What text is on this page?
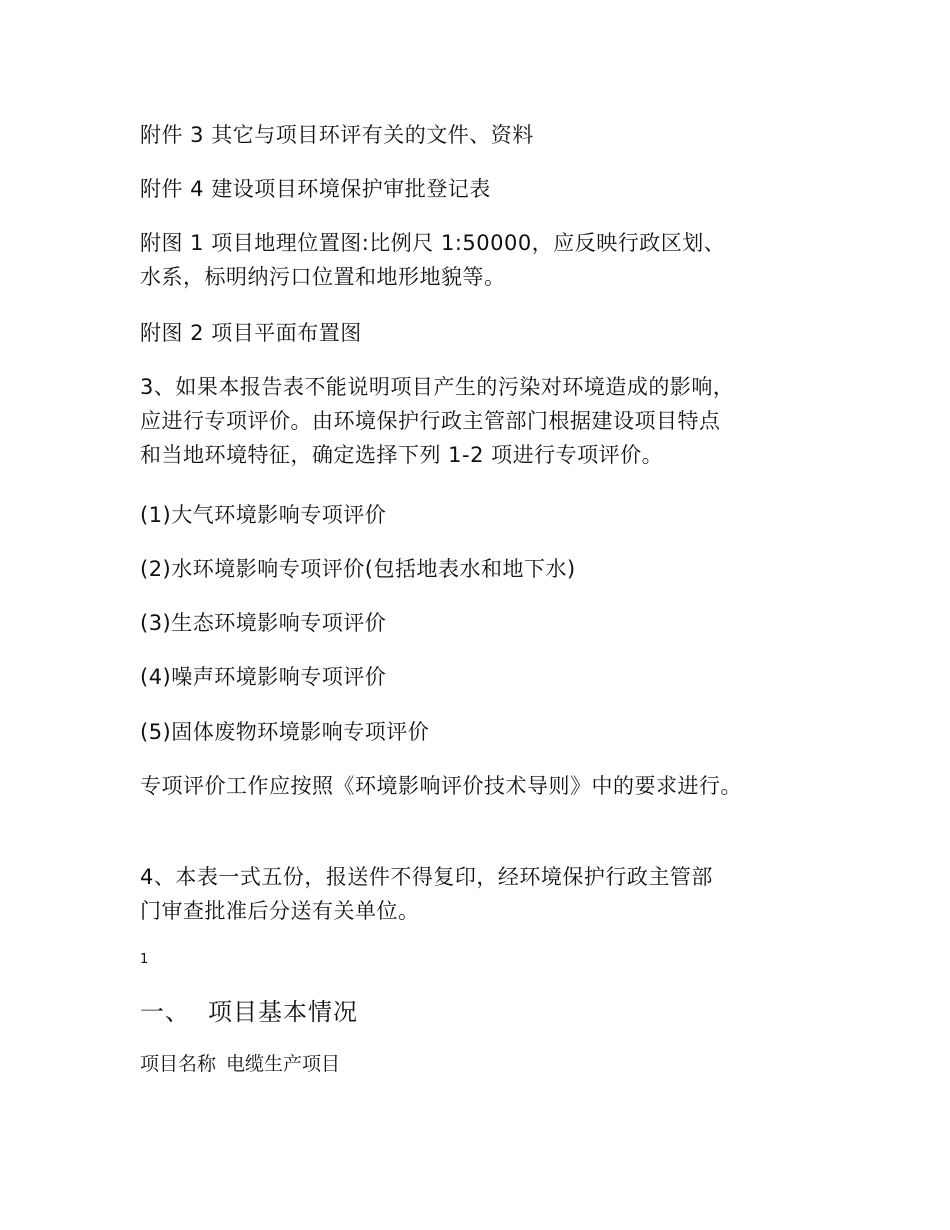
附件 3 其它与项目环评有关的文件、资料
附件 4 建设项目环境保护审批登记表
附图 1 项目地理位置图:比例尺 1:50000，应反映行政区划、
水系，标明纳污口位置和地形地貌等。
附图 2 项目平面布置图
3、如果本报告表不能说明项目产生的污染对环境造成的影响，
应进行专项评价。由环境保护行政主管部门根据建设项目特点
和当地环境特征，确定选择下列 1-2 项进行专项评价。
(1)大气环境影响专项评价
(2)水环境影响专项评价(包括地表水和地下水)
(3)生态环境影响专项评价
(4)噪声环境影响专项评价
(5)固体废物环境影响专项评价
专项评价工作应按照《环境影响评价技术导则》中的要求进行。
4、本表一式五份，报送件不得复印，经环境保护行政主管部
门审查批准后分送有关单位。
1
一、 项目基本情况
项目名称 电缆生产项目
